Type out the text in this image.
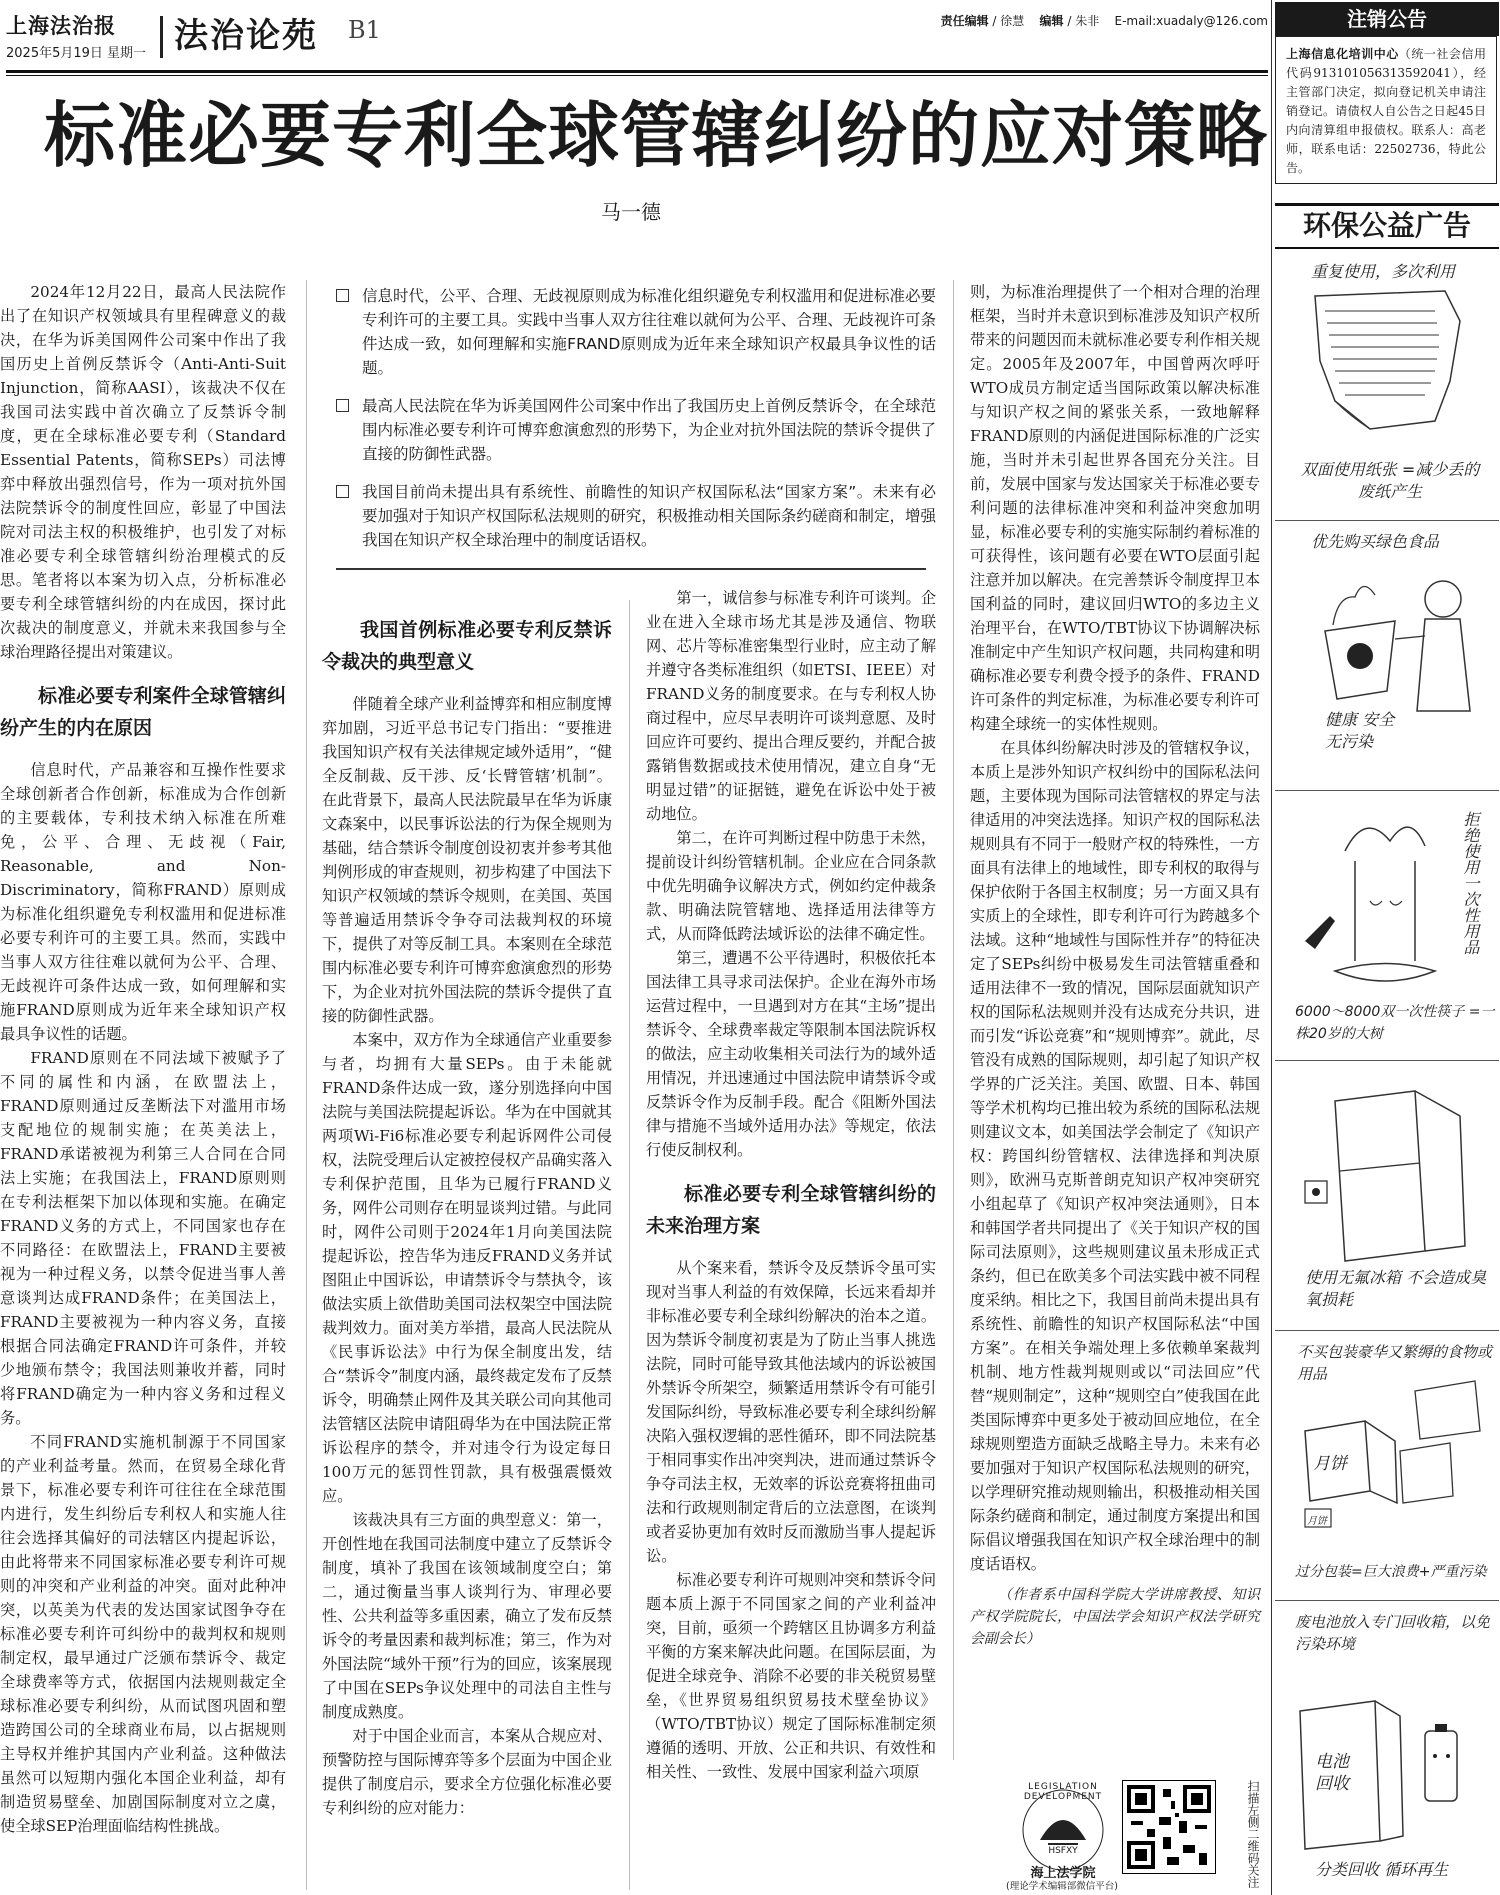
上海法治报
2025年5月19日 星期一 法治论苑 B1	责任编辑 / 徐慧 编辑 / 朱非 E-mail:xuadaly@126.com
标准必要专利全球管辖纠纷的应对策略
马一德

2024年12月22日，最高人民法院作出了在知识产权领域具有里程碑意义的裁决，在华为诉美国网件公司案中作出了我国历史上首例反禁诉令（Anti-Anti-Suit Injunction，简称AASI），该裁决不仅在我国司法实践中首次确立了反禁诉令制度，更在全球标准必要专利（Standard Essential Patents，简称SEPs）司法博弈中释放出强烈信号，作为一项对抗外国法院禁诉令的制度性回应，彰显了中国法院对司法主权的积极维护，也引发了对标准必要专利全球管辖纠纷治理模式的反思。笔者将以本案为切入点，分析标准必要专利全球管辖纠纷的内在成因，探讨此次裁决的制度意义，并就未来我国参与全球治理路径提出对策建议。

标准必要专利案件全球管辖纠纷产生的内在原因

信息时代，产品兼容和互操作性要求全球创新者合作创新，标准成为合作创新的主要载体，专利技术纳入标准在所难免，公平、合理、无歧视（Fair, Reasonable, and Non-Discriminatory，简称FRAND）原则成为标准化组织避免专利权滥用和促进标准必要专利许可的主要工具。然而，实践中当事人双方往往难以就何为公平、合理、无歧视许可条件达成一致，如何理解和实施FRAND原则成为近年来全球知识产权最具争议性的话题。

FRAND原则在不同法域下被赋予了不同的属性和内涵，在欧盟法上，FRAND原则通过反垄断法下对滥用市场支配地位的规制实施；在英美法上，FRAND承诺被视为利第三人合同在合同法上实施；在我国法上，FRAND原则则在专利法框架下加以体现和实施。在确定FRAND义务的方式上，不同国家也存在不同路径：在欧盟法上，FRAND主要被视为一种过程义务，以禁令促进当事人善意谈判达成FRAND条件；在美国法上，FRAND主要被视为一种内容义务，直接根据合同法确定FRAND许可条件，并较少地颁布禁令；我国法则兼收并蓄，同时将FRAND确定为一种内容义务和过程义务。

不同FRAND实施机制源于不同国家的产业利益考量。然而，在贸易全球化背景下，标准必要专利许可往往在全球范围内进行，发生纠纷后专利权人和实施人往往会选择其偏好的司法辖区内提起诉讼，由此将带来不同国家标准必要专利许可规则的冲突和产业利益的冲突。面对此种冲突，以英美为代表的发达国家试图争夺在标准必要专利许可纠纷中的裁判权和规则制定权，最早通过广泛颁布禁诉令、裁定全球费率等方式，依据国内法规则裁定全球标准必要专利纠纷，从而试图巩固和塑造跨国公司的全球商业布局，以占据规则主导权并维护其国内产业利益。这种做法虽然可以短期内强化本国企业利益，却有制造贸易壁垒、加剧国际制度对立之虞，使全球SEP治理面临结构性挑战。

信息时代，公平、合理、无歧视原则成为标准化组织避免专利权滥用和促进标准必要专利许可的主要工具。实践中当事人双方往往难以就何为公平、合理、无歧视许可条件达成一致，如何理解和实施FRAND原则成为近年来全球知识产权最具争议性的话题。
最高人民法院在华为诉美国网件公司案中作出了我国历史上首例反禁诉令，在全球范围内标准必要专利许可博弈愈演愈烈的形势下，为企业对抗外国法院的禁诉令提供了直接的防御性武器。
我国目前尚未提出具有系统性、前瞻性的知识产权国际私法“国家方案”。未来有必要加强对于知识产权国际私法规则的研究，积极推动相关国际条约磋商和制定，增强我国在知识产权全球治理中的制度话语权。
我国首例标准必要专利反禁诉令裁决的典型意义

伴随着全球产业利益博弈和相应制度博弈加剧，习近平总书记专门指出：“要推进我国知识产权有关法律规定域外适用”，“健全反制裁、反干涉、反‘长臂管辖’机制”。在此背景下，最高人民法院最早在华为诉康文森案中，以民事诉讼法的行为保全规则为基础，结合禁诉令制度创设初衷并参考其他判例形成的审查规则，初步构建了中国法下知识产权领域的禁诉令规则，在美国、英国等普遍适用禁诉令争夺司法裁判权的环境下，提供了对等反制工具。本案则在全球范围内标准必要专利许可博弈愈演愈烈的形势下，为企业对抗外国法院的禁诉令提供了直接的防御性武器。

本案中，双方作为全球通信产业重要参与者，均拥有大量SEPs。由于未能就FRAND条件达成一致，遂分别选择向中国法院与美国法院提起诉讼。华为在中国就其两项Wi-Fi6标准必要专利起诉网件公司侵权，法院受理后认定被控侵权产品确实落入专利保护范围，且华为已履行FRAND义务，网件公司则存在明显谈判过错。与此同时，网件公司则于2024年1月向美国法院提起诉讼，控告华为违反FRAND义务并试图阻止中国诉讼，申请禁诉令与禁执令，该做法实质上欲借助美国司法权架空中国法院裁判效力。面对美方举措，最高人民法院从《民事诉讼法》中行为保全制度出发，结合“禁诉令”制度内涵，最终裁定发布了反禁诉令，明确禁止网件及其关联公司向其他司法管辖区法院申请阻碍华为在中国法院正常诉讼程序的禁令，并对违令行为设定每日100万元的惩罚性罚款，具有极强震慑效应。

该裁决具有三方面的典型意义：第一，开创性地在我国司法制度中建立了反禁诉令制度，填补了我国在该领域制度空白；第二，通过衡量当事人谈判行为、审理必要性、公共利益等多重因素，确立了发布反禁诉令的考量因素和裁判标准；第三，作为对外国法院“域外干预”行为的回应，该案展现了中国在SEPs争议处理中的司法自主性与制度成熟度。

对于中国企业而言，本案从合规应对、预警防控与国际博弈等多个层面为中国企业提供了制度启示，要求全方位强化标准必要专利纠纷的应对能力：

第一，诚信参与标准专利许可谈判。企业在进入全球市场尤其是涉及通信、物联网、芯片等标准密集型行业时，应主动了解并遵守各类标准组织（如ETSI、IEEE）对FRAND义务的制度要求。在与专利权人协商过程中，应尽早表明许可谈判意愿、及时回应许可要约、提出合理反要约，并配合披露销售数据或技术使用情况，建立自身“无明显过错”的证据链，避免在诉讼中处于被动地位。

第二，在许可判断过程中防患于未然，提前设计纠纷管辖机制。企业应在合同条款中优先明确争议解决方式，例如约定仲裁条款、明确法院管辖地、选择适用法律等方式，从而降低跨法域诉讼的法律不确定性。

第三，遭遇不公平待遇时，积极依托本国法律工具寻求司法保护。企业在海外市场运营过程中，一旦遇到对方在其“主场”提出禁诉令、全球费率裁定等限制本国法院诉权的做法，应主动收集相关司法行为的域外适用情况，并迅速通过中国法院申请禁诉令或反禁诉令作为反制手段。配合《阻断外国法律与措施不当域外适用办法》等规定，依法行使反制权利。

标准必要专利全球管辖纠纷的未来治理方案

从个案来看，禁诉令及反禁诉令虽可实现对当事人利益的有效保障，长远来看却并非标准必要专利全球纠纷解决的治本之道。因为禁诉令制度初衷是为了防止当事人挑选法院，同时可能导致其他法域内的诉讼被国外禁诉令所架空，频繁适用禁诉令有可能引发国际纠纷，导致标准必要专利全球纠纷解决陷入强权逻辑的恶性循环，即不同法院基于相同事实作出冲突判决，进而通过禁诉令争夺司法主权，无效率的诉讼竞赛将扭曲司法和行政规则制定背后的立法意图，在谈判或者妥协更加有效时反而激励当事人提起诉讼。

标准必要专利许可规则冲突和禁诉令问题本质上源于不同国家之间的产业利益冲突，目前，亟须一个跨辖区且协调多方利益平衡的方案来解决此问题。在国际层面，为促进全球竞争、消除不必要的非关税贸易壁垒，《世界贸易组织贸易技术壁垒协议》（WTO/TBT协议）规定了国际标准制定须遵循的透明、开放、公正和共识、有效性和相关性、一致性、发展中国家利益六项原

则，为标准治理提供了一个相对合理的治理框架，当时并未意识到标准涉及知识产权所带来的问题因而未就标准必要专利作相关规定。2005年及2007年，中国曾两次呼吁WTO成员方制定适当国际政策以解决标准与知识产权之间的紧张关系，一致地解释FRAND原则的内涵促进国际标准的广泛实施，当时并未引起世界各国充分关注。目前，发展中国家与发达国家关于标准必要专利问题的法律标准冲突和利益冲突愈加明显，标准必要专利的实施实际制约着标准的可获得性，该问题有必要在WTO层面引起注意并加以解决。在完善禁诉令制度捍卫本国利益的同时，建议回归WTO的多边主义治理平台，在WTO/TBT协议下协调解决标准制定中产生知识产权问题，共同构建和明确标准必要专利费令授予的条件、FRAND许可条件的判定标准，为标准必要专利许可构建全球统一的实体性规则。

在具体纠纷解决时涉及的管辖权争议，本质上是涉外知识产权纠纷中的国际私法问题，主要体现为国际司法管辖权的界定与法律适用的冲突法选择。知识产权的国际私法规则具有不同于一般财产权的特殊性，一方面具有法律上的地域性，即专利权的取得与保护依附于各国主权制度；另一方面又具有实质上的全球性，即专利许可行为跨越多个法域。这种“地域性与国际性并存”的特征决定了SEPs纠纷中极易发生司法管辖重叠和适用法律不一致的情况，国际层面就知识产权的国际私法规则并没有达成充分共识，进而引发“诉讼竞赛”和“规则博弈”。就此，尽管没有成熟的国际规则，却引起了知识产权学界的广泛关注。美国、欧盟、日本、韩国等学术机构均已推出较为系统的国际私法规则建议文本，如美国法学会制定了《知识产权：跨国纠纷管辖权、法律选择和判决原则》，欧洲马克斯普朗克知识产权冲突研究小组起草了《知识产权冲突法通则》，日本和韩国学者共同提出了《关于知识产权的国际司法原则》，这些规则建议虽未形成正式条约，但已在欧美多个司法实践中被不同程度采纳。相比之下，我国目前尚未提出具有系统性、前瞻性的知识产权国际私法“中国方案”。在相关争端处理上多依赖单案裁判机制、地方性裁判规则或以“司法回应”代替“规则制定”，这种“规则空白”使我国在此类国际博弈中更多处于被动回应地位，在全球规则塑造方面缺乏战略主导力。未来有必要加强对于知识产权国际私法规则的研究，以学理研究推动规则输出，积极推动相关国际条约磋商和制定，通过制度方案提出和国际倡议增强我国在知识产权全球治理中的制度话语权。

（作者系中国科学院大学讲席教授、知识产权学院院长，中国法学会知识产权法学研究会副会长）

LEGISLATION DEVELOPMENT
HSFXY
海上法学院
(理论学术编辑部微信平台)	扫描左侧二维码关注
注销公告
上海信息化培训中心（统一社会信用代码913101056313592041），经主管部门决定，拟向登记机关申请注销登记。请债权人自公告之日起45日内向清算组申报债权。联系人：高老师，联系电话：22502736，特此公告。
环保公益广告
重复使用，多次利用
双面使用纸张 =减少丢的废纸产生
优先购买绿色食品
健康 安全 无污染
拒绝使用一次性用品
6000～8000双一次性筷子 =一株20岁的大树
使用无氟冰箱 不会造成臭氧损耗
不买包装豪华又繁缛的食物或用品
月饼
月饼
过分包装=巨大浪费+严重污染
废电池放入专门回收箱，以免污染环境
电池回收
分类回收 循环再生
